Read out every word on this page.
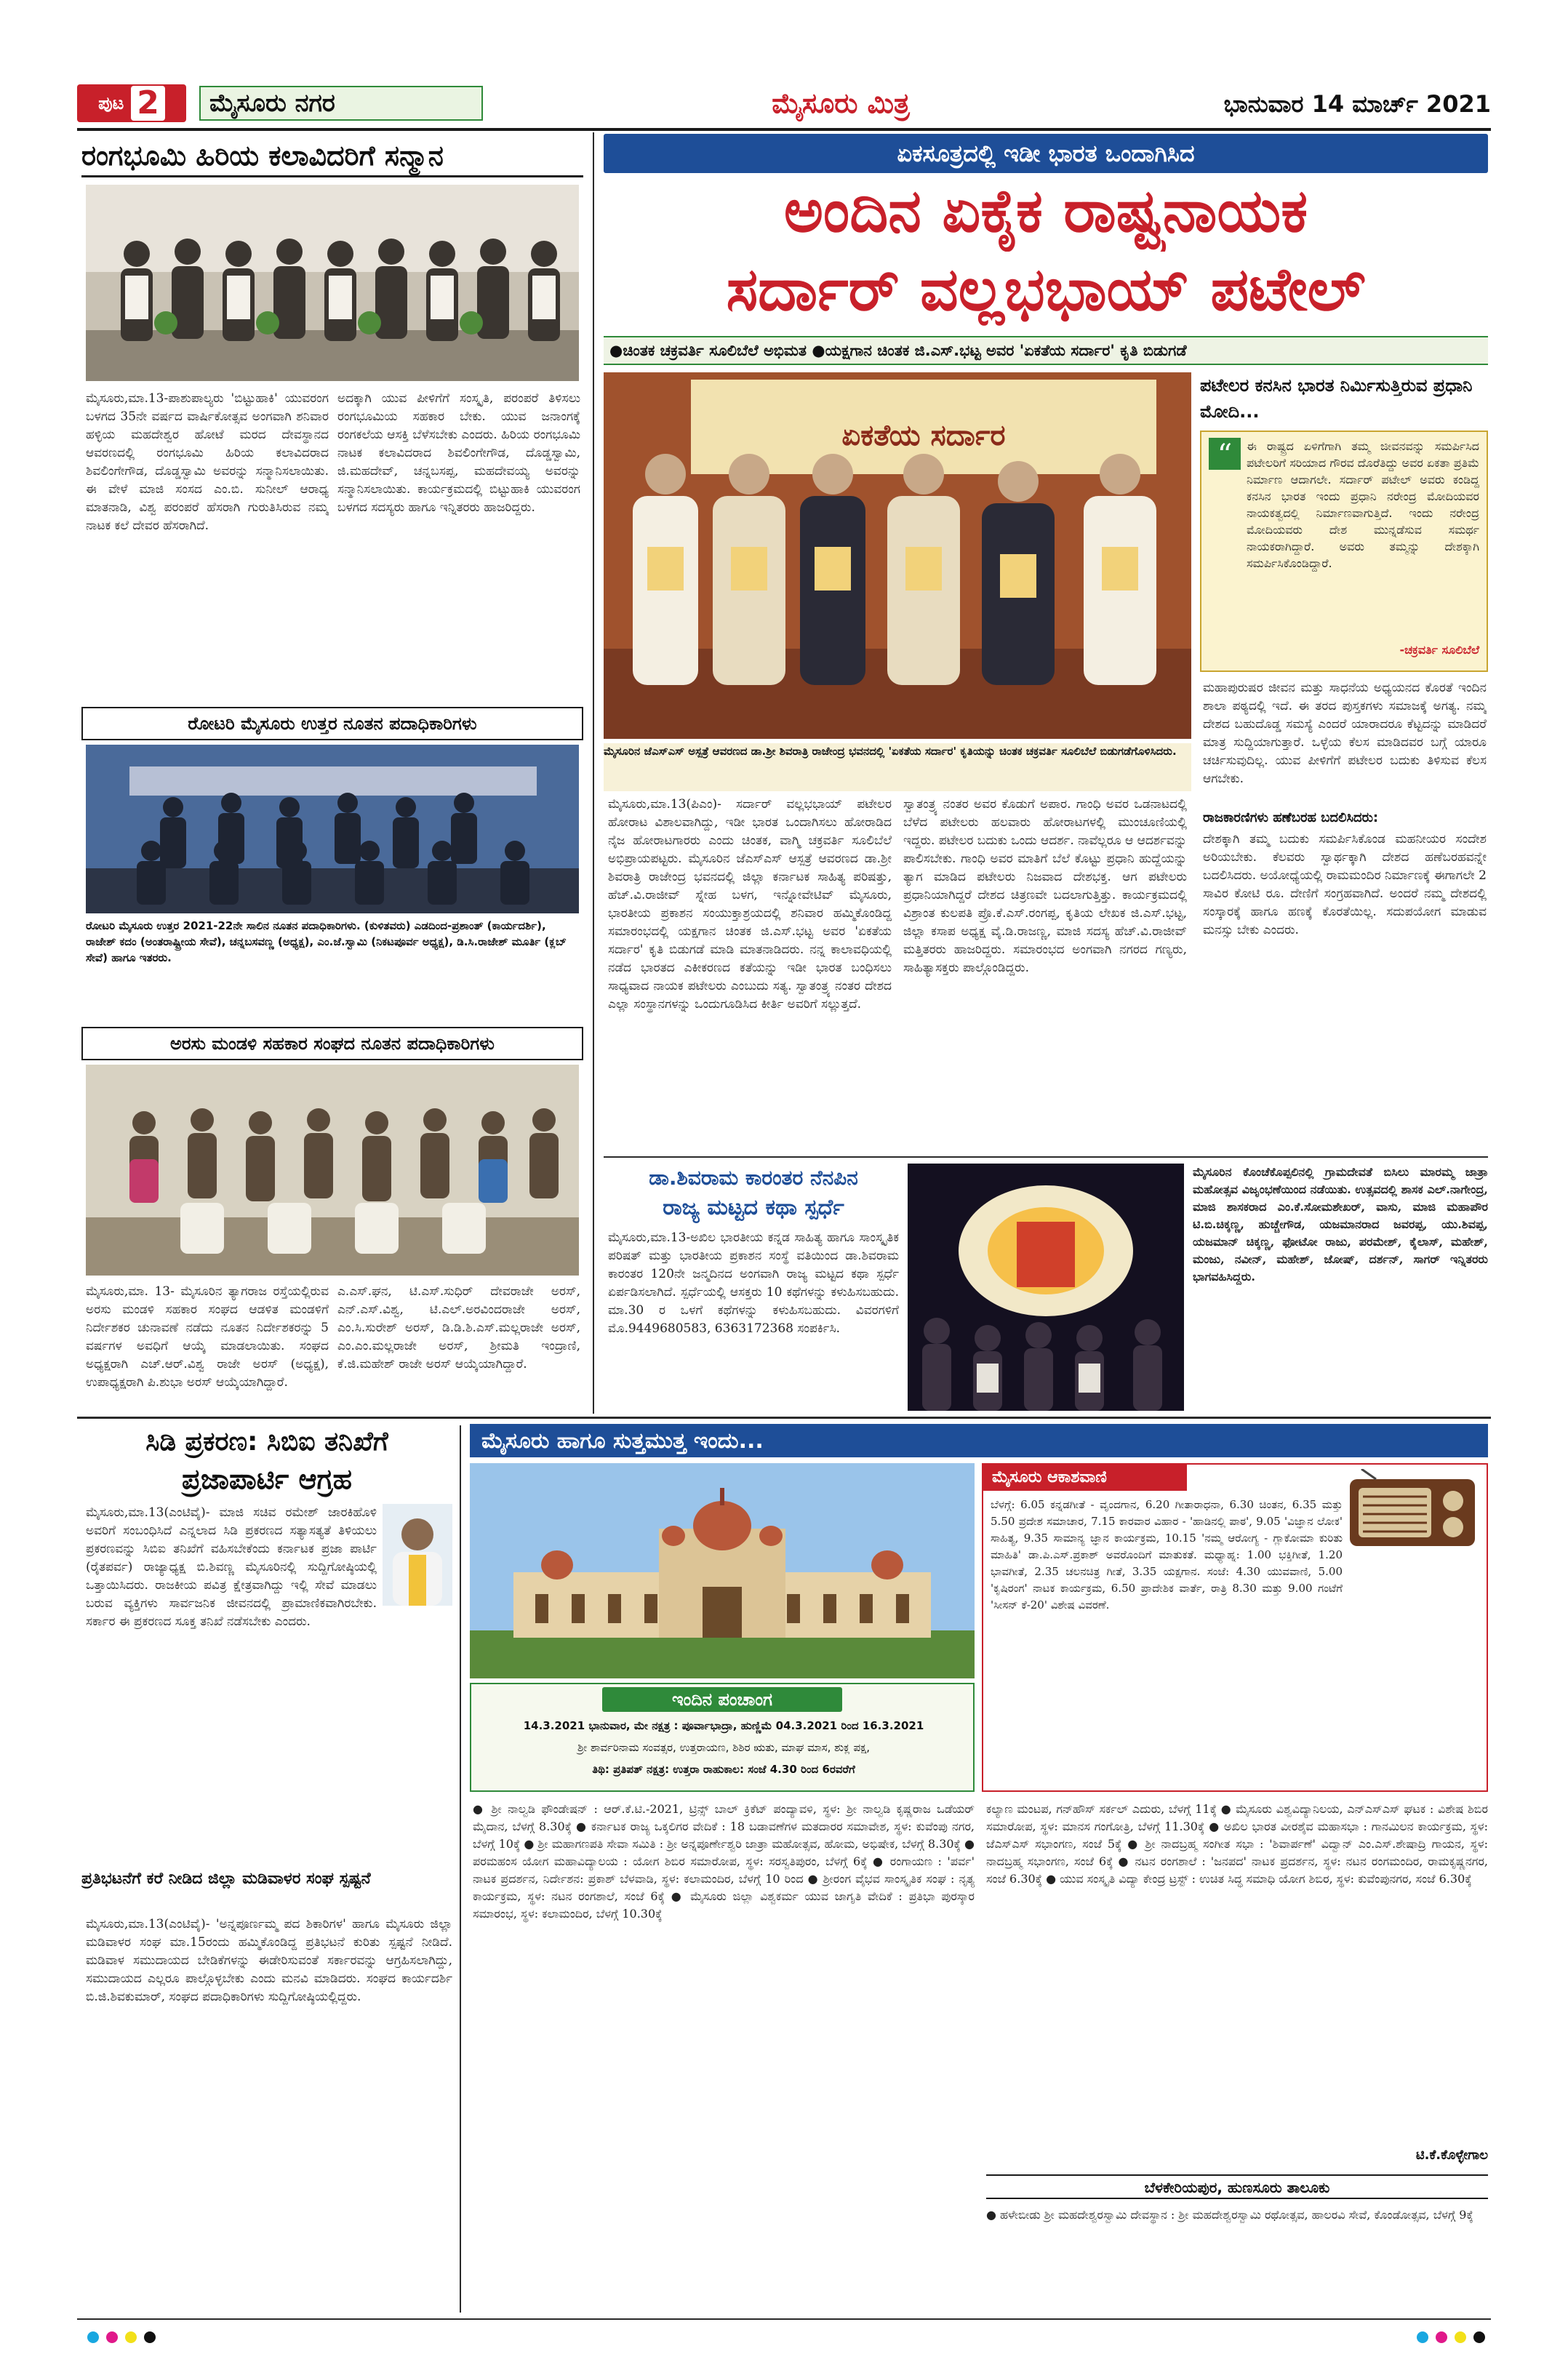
ಪುಟ 2	ಮೈಸೂರು ನಗರ	ಮೈಸೂರು ಮಿತ್ರ	ಭಾನುವಾರ 14 ಮಾರ್ಚ್ 2021
ರಂಗಭೂಮಿ ಹಿರಿಯ ಕಲಾವಿದರಿಗೆ ಸನ್ಮಾನ
ಮೈಸೂರು,ಮಾ.13-ಪಾಶುಪಾಲ್ಯರು 'ಬಿಟ್ಟುಹಾಕಿ' ಯುವರಂಗ ಬಳಗದ 35ನೇ ವರ್ಷದ ವಾರ್ಷಿಕೋತ್ಸವ ಅಂಗವಾಗಿ ಶನಿವಾರ ಹಳ್ಳಿಯ ಮಹದೇಶ್ವರ ಹೋಟೆ ಮರದ ದೇವಸ್ಥಾನದ ಆವರಣದಲ್ಲಿ ರಂಗಭೂಮಿ ಹಿರಿಯ ಕಲಾವಿದರಾದ ಶಿವಲಿಂಗೇಗೌಡ, ದೊಡ್ಡಸ್ವಾಮಿ ಅವರನ್ನು ಸನ್ಮಾನಿಸಲಾಯಿತು. ಈ ವೇಳೆ ಮಾಜಿ ಸಂಸದ ಎಂ.ಬಿ. ಸುನೀಲ್ ಆರಾಧ್ಯ ಮಾತನಾಡಿ, ವಿಶ್ವ ಪರಂಪರೆ ಹೆಸರಾಗಿ ಗುರುತಿಸಿರುವ ನಮ್ಮ ನಾಟಕ ಕಲೆ ದೇವರ ಹೆಸರಾಗಿದೆ.
ಅದಕ್ಕಾಗಿ ಯುವ ಪೀಳಿಗೆಗೆ ಸಂಸ್ಕೃತಿ, ಪರಂಪರೆ ತಿಳಿಸಲು ರಂಗಭೂಮಿಯ ಸಹಕಾರ ಬೇಕು. ಯುವ ಜನಾಂಗಕ್ಕೆ ರಂಗಕಲೆಯ ಆಸಕ್ತಿ ಬೆಳೆಸಬೇಕು ಎಂದರು. ಹಿರಿಯ ರಂಗಭೂಮಿ ನಾಟಕ ಕಲಾವಿದರಾದ ಶಿವಲಿಂಗೇಗೌಡ, ದೊಡ್ಡಸ್ವಾಮಿ, ಜಿ.ಮಹದೇವ್, ಚನ್ನಬಸಪ್ಪ, ಮಹದೇವಯ್ಯ ಅವರನ್ನು ಸನ್ಮಾನಿಸಲಾಯಿತು. ಕಾರ್ಯಕ್ರಮದಲ್ಲಿ ಬಿಟ್ಟುಹಾಕಿ ಯುವರಂಗ ಬಳಗದ ಸದಸ್ಯರು ಹಾಗೂ ಇನ್ನಿತರರು ಹಾಜರಿದ್ದರು.
ರೋಟರಿ ಮೈಸೂರು ಉತ್ತರ ನೂತನ ಪದಾಧಿಕಾರಿಗಳು
ರೋಟರಿ ಮೈಸೂರು ಉತ್ತರ 2021-22ನೇ ಸಾಲಿನ ನೂತನ ಪದಾಧಿಕಾರಿಗಳು. (ಕುಳಿತವರು) ಎಡದಿಂದ-ಪ್ರಶಾಂತ್ (ಕಾರ್ಯದರ್ಶಿ), ರಾಜೇಶ್ ಕದಂ (ಅಂತರಾಷ್ಟ್ರೀಯ ಸೇವೆ), ಚನ್ನಬಸವಣ್ಣ (ಅಧ್ಯಕ್ಷ), ಎಂ.ಜೆ.ಸ್ವಾಮಿ (ನಿಕಟಪೂರ್ವ ಅಧ್ಯಕ್ಷ), ಡಿ.ಸಿ.ರಾಜೇಶ್ ಮೂರ್ತಿ (ಕ್ಲಬ್ ಸೇವೆ) ಹಾಗೂ ಇತರರು.
ಅರಸು ಮಂಡಳಿ ಸಹಕಾರ ಸಂಘದ ನೂತನ ಪದಾಧಿಕಾರಿಗಳು
ಮೈಸೂರು,ಮಾ. 13- ಮೈಸೂರಿನ ತ್ಯಾಗರಾಜ ರಸ್ತೆಯಲ್ಲಿರುವ ಅರಸು ಮಂಡಳಿ ಸಹಕಾರ ಸಂಘದ ಆಡಳಿತ ಮಂಡಳಿಗೆ ನಿರ್ದೇಶಕರ ಚುನಾವಣೆ ನಡೆದು ನೂತನ ನಿರ್ದೇಶಕರನ್ನು 5 ವರ್ಷಗಳ ಅವಧಿಗೆ ಆಯ್ಕೆ ಮಾಡಲಾಯಿತು. ಸಂಘದ ಅಧ್ಯಕ್ಷರಾಗಿ ಎಚ್.ಆರ್.ವಿಶ್ವ ರಾಜೇ ಅರಸ್ (ಅಧ್ಯಕ್ಷ), ಉಪಾಧ್ಯಕ್ಷರಾಗಿ ಪಿ.ಶುಭಾ ಅರಸ್ ಆಯ್ಕೆಯಾಗಿದ್ದಾರೆ.
ಎ.ಎಸ್.ಘನ, ಟಿ.ಎಸ್.ಸುಧಿರ್ ದೇವರಾಜೇ ಅರಸ್, ಎನ್.ಎಸ್.ವಿಶ್ವ, ಟಿ.ಎಲ್.ಅರವಿಂದರಾಜೇ ಅರಸ್, ಎಂ.ಸಿ.ಸುರೇಶ್ ಅರಸ್, ಡಿ.ಡಿ.ಶಿ.ಎಸ್.ಮಲ್ಲರಾಜೇ ಅರಸ್, ಎಂ.ಎಂ.ಮಲ್ಲರಾಜೇ ಅರಸ್, ಶ್ರೀಮತಿ ಇಂದ್ರಾಣಿ, ಕೆ.ಜಿ.ಮಹೇಶ್ ರಾಜೇ ಅರಸ್ ಆಯ್ಕೆಯಾಗಿದ್ದಾರೆ.
ಏಕಸೂತ್ರದಲ್ಲಿ ಇಡೀ ಭಾರತ ಒಂದಾಗಿಸಿದ
ಅಂದಿನ ಏಕೈಕ ರಾಷ್ಟ್ರನಾಯಕ
ಸರ್ದಾರ್ ವಲ್ಲಭಭಾಯ್ ಪಟೇಲ್
●ಚಿಂತಕ ಚಕ್ರವರ್ತಿ ಸೂಲಿಬೆಲೆ ಅಭಿಮತ ●ಯಕ್ಷಗಾನ ಚಿಂತಕ ಜಿ.ಎಸ್.ಭಟ್ಟ ಅವರ 'ಏಕತೆಯ ಸರ್ದಾರ' ಕೃತಿ ಬಿಡುಗಡೆ
ಏಕತೆಯ ಸರ್ದಾರ
ಮೈಸೂರಿನ ಜೆಎಸ್‌ಎಸ್ ಅಸ್ಪತ್ರೆ ಆವರಣದ ಡಾ.ಶ್ರೀ ಶಿವರಾತ್ರಿ ರಾಜೇಂದ್ರ ಭವನದಲ್ಲಿ 'ಏಕತೆಯ ಸರ್ದಾರ' ಕೃತಿಯನ್ನು ಚಿಂತಕ ಚಕ್ರವರ್ತಿ ಸೂಲಿಬೆಲೆ ಬಿಡುಗಡೆಗೊಳಿಸಿದರು.
ಮೈಸೂರು,ಮಾ.13(ಪಿಎಂ)- ಸರ್ದಾರ್ ವಲ್ಲಭಭಾಯ್ ಪಟೇಲರ ಹೋರಾಟ ವಿಶಾಲವಾಗಿದ್ದು, ಇಡೀ ಭಾರತ ಒಂದಾಗಿಸಲು ಹೋರಾಡಿದ ನೈಜ ಹೋರಾಟಗಾರರು ಎಂದು ಚಿಂತಕ, ವಾಗ್ಮಿ ಚಕ್ರವರ್ತಿ ಸೂಲಿಬೆಲೆ ಅಭಿಪ್ರಾಯಪಟ್ಟರು. ಮೈಸೂರಿನ ಜೆಎಸ್‌ಎಸ್ ಆಸ್ಪತ್ರೆ ಆವರಣದ ಡಾ.ಶ್ರೀ ಶಿವರಾತ್ರಿ ರಾಜೇಂದ್ರ ಭವನದಲ್ಲಿ ಜಿಲ್ಲಾ ಕರ್ನಾಟಕ ಸಾಹಿತ್ಯ ಪರಿಷತ್ತು, ಹೆಚ್.ವಿ.ರಾಜೀವ್ ಸ್ನೇಹ ಬಳಗ, ಇನ್ನೋವೇಟಿವ್ ಮೈಸೂರು, ಭಾರತೀಯ ಪ್ರಕಾಶನ ಸಂಯುಕ್ತಾಶ್ರಯದಲ್ಲಿ ಶನಿವಾರ ಹಮ್ಮಿಕೊಂಡಿದ್ದ ಸಮಾರಂಭದಲ್ಲಿ ಯಕ್ಷಗಾನ ಚಿಂತಕ ಜಿ.ಎಸ್.ಭಟ್ಟ ಅವರ 'ಏಕತೆಯ ಸರ್ದಾರ' ಕೃತಿ ಬಿಡುಗಡೆ ಮಾಡಿ ಮಾತನಾಡಿದರು. ನನ್ನ ಕಾಲಾವಧಿಯಲ್ಲಿ ನಡೆದ ಭಾರತದ ಎಕೀಕರಣದ ಕತೆಯನ್ನು ಇಡೀ ಭಾರತ ಬಂಧಿಸಲು ಸಾಧ್ಯವಾದ ನಾಯಕ ಪಟೇಲರು ಎಂಬುದು ಸತ್ಯ. ಸ್ವಾತಂತ್ರ್ಯ ನಂತರ ದೇಶದ ಎಲ್ಲಾ ಸಂಸ್ಥಾನಗಳನ್ನು ಒಂದುಗೂಡಿಸಿದ ಕೀರ್ತಿ ಅವರಿಗೆ ಸಲ್ಲುತ್ತದೆ.
ಸ್ವಾತಂತ್ರ್ಯ ನಂತರ ಅವರ ಕೊಡುಗೆ ಅಪಾರ. ಗಾಂಧಿ ಅವರ ಒಡನಾಟದಲ್ಲಿ ಬೆಳೆದ ಪಟೇಲರು ಹಲವಾರು ಹೋರಾಟಗಳಲ್ಲಿ ಮುಂಚೂಣಿಯಲ್ಲಿ ಇದ್ದರು. ಪಟೇಲರ ಬದುಕು ಒಂದು ಆದರ್ಶ. ನಾವೆಲ್ಲರೂ ಆ ಆದರ್ಶವನ್ನು ಪಾಲಿಸಬೇಕು. ಗಾಂಧಿ ಅವರ ಮಾತಿಗೆ ಬೆಲೆ ಕೊಟ್ಟು ಪ್ರಧಾನಿ ಹುದ್ದೆಯನ್ನು ತ್ಯಾಗ ಮಾಡಿದ ಪಟೇಲರು ನಿಜವಾದ ದೇಶಭಕ್ತ. ಆಗ ಪಟೇಲರು ಪ್ರಧಾನಿಯಾಗಿದ್ದರೆ ದೇಶದ ಚಿತ್ರಣವೇ ಬದಲಾಗುತ್ತಿತ್ತು. ಕಾರ್ಯಕ್ರಮದಲ್ಲಿ ವಿಶ್ರಾಂತ ಕುಲಪತಿ ಪ್ರೊ.ಕೆ.ಎಸ್.ರಂಗಪ್ಪ, ಕೃತಿಯ ಲೇಖಕ ಜಿ.ಎಸ್.ಭಟ್ಟ, ಜಿಲ್ಲಾ ಕಸಾಪ ಅಧ್ಯಕ್ಷ ವೈ.ಡಿ.ರಾಜಣ್ಣ, ಮಾಜಿ ಸದಸ್ಯ ಹೆಚ್.ವಿ.ರಾಜೀವ್ ಮತ್ತಿತರರು ಹಾಜರಿದ್ದರು. ಸಮಾರಂಭದ ಅಂಗವಾಗಿ ನಗರದ ಗಣ್ಯರು, ಸಾಹಿತ್ಯಾಸಕ್ತರು ಪಾಲ್ಗೊಂಡಿದ್ದರು.
ಪಟೇಲರ ಕನಸಿನ ಭಾರತ ನಿರ್ಮಿಸುತ್ತಿರುವ ಪ್ರಧಾನಿ ಮೋದಿ...
“	ಈ ರಾಷ್ಟ್ರದ ಏಳಿಗೆಗಾಗಿ ತಮ್ಮ ಜೀವನವನ್ನು ಸಮರ್ಪಿಸಿದ ಪಟೇಲರಿಗೆ ಸರಿಯಾದ ಗೌರವ ದೊರೆತಿದ್ದು ಅವರ ಏಕತಾ ಪ್ರತಿಮೆ ನಿರ್ಮಾಣ ಆದಾಗಲೇ. ಸರ್ದಾರ್ ಪಟೇಲ್ ಅವರು ಕಂಡಿದ್ದ ಕನಸಿನ ಭಾರತ ಇಂದು ಪ್ರಧಾನಿ ನರೇಂದ್ರ ಮೋದಿಯವರ ನಾಯಕತ್ವದಲ್ಲಿ ನಿರ್ಮಾಣವಾಗುತ್ತಿದೆ. ಇಂದು ನರೇಂದ್ರ ಮೋದಿಯವರು ದೇಶ ಮುನ್ನಡೆಸುವ ಸಮರ್ಥ ನಾಯಕರಾಗಿದ್ದಾರೆ. ಅವರು ತಮ್ಮನ್ನು ದೇಶಕ್ಕಾಗಿ ಸಮರ್ಪಿಸಿಕೊಂಡಿದ್ದಾರೆ.
-ಚಕ್ರವರ್ತಿ ಸೂಲಿಬೆಲೆ
ಮಹಾಪುರುಷರ ಜೀವನ ಮತ್ತು ಸಾಧನೆಯ ಅಧ್ಯಯನದ ಕೊರತೆ ಇಂದಿನ ಶಾಲಾ ಪಠ್ಯದಲ್ಲಿ ಇದೆ. ಈ ತರದ ಪುಸ್ತಕಗಳು ಸಮಾಜಕ್ಕೆ ಅಗತ್ಯ. ನಮ್ಮ ದೇಶದ ಬಹುದೊಡ್ಡ ಸಮಸ್ಯೆ ಎಂದರೆ ಯಾರಾದರೂ ಕೆಟ್ಟದನ್ನು ಮಾಡಿದರೆ ಮಾತ್ರ ಸುದ್ದಿಯಾಗುತ್ತಾರೆ. ಒಳ್ಳೆಯ ಕೆಲಸ ಮಾಡಿದವರ ಬಗ್ಗೆ ಯಾರೂ ಚರ್ಚಿಸುವುದಿಲ್ಲ. ಯುವ ಪೀಳಿಗೆಗೆ ಪಟೇಲರ ಬದುಕು ತಿಳಿಸುವ ಕೆಲಸ ಆಗಬೇಕು.
ರಾಜಕಾರಣಿಗಳು ಹಣೆಬರಹ ಬದಲಿಸಿದರು:
ದೇಶಕ್ಕಾಗಿ ತಮ್ಮ ಬದುಕು ಸಮರ್ಪಿಸಿಕೊಂಡ ಮಹನೀಯರ ಸಂದೇಶ ಅರಿಯಬೇಕು. ಕೆಲವರು ಸ್ವಾರ್ಥಕ್ಕಾಗಿ ದೇಶದ ಹಣೆಬರಹವನ್ನೇ ಬದಲಿಸಿದರು. ಅಯೋಧ್ಯೆಯಲ್ಲಿ ರಾಮಮಂದಿರ ನಿರ್ಮಾಣಕ್ಕೆ ಈಗಾಗಲೇ 2 ಸಾವಿರ ಕೋಟಿ ರೂ. ದೇಣಿಗೆ ಸಂಗ್ರಹವಾಗಿದೆ. ಅಂದರೆ ನಮ್ಮ ದೇಶದಲ್ಲಿ ಸಂಸ್ಕಾರಕ್ಕೆ ಹಾಗೂ ಹಣಕ್ಕೆ ಕೊರತೆಯಿಲ್ಲ. ಸದುಪಯೋಗ ಮಾಡುವ ಮನಸ್ಸು ಬೇಕು ಎಂದರು.
ಡಾ.ಶಿವರಾಮ ಕಾರಂತರ ನೆನಪಿನ
ರಾಜ್ಯ ಮಟ್ಟದ ಕಥಾ ಸ್ಪರ್ಧೆ
ಮೈಸೂರು,ಮಾ.13-ಅಖಿಲ ಭಾರತೀಯ ಕನ್ನಡ ಸಾಹಿತ್ಯ ಹಾಗೂ ಸಾಂಸ್ಕೃತಿಕ ಪರಿಷತ್ ಮತ್ತು ಭಾರತೀಯ ಪ್ರಕಾಶನ ಸಂಸ್ಥೆ ವತಿಯಿಂದ ಡಾ.ಶಿವರಾಮ ಕಾರಂತರ 120ನೇ ಜನ್ಮದಿನದ ಅಂಗವಾಗಿ ರಾಜ್ಯ ಮಟ್ಟದ ಕಥಾ ಸ್ಪರ್ಧೆ ಏರ್ಪಡಿಸಲಾಗಿದೆ. ಸ್ಪರ್ಧೆಯಲ್ಲಿ ಆಸಕ್ತರು 10 ಕಥೆಗಳನ್ನು ಕಳುಹಿಸಬಹುದು. ಮಾ.30 ರ ಒಳಗೆ ಕಥೆಗಳನ್ನು ಕಳುಹಿಸಬಹುದು. ವಿವರಗಳಿಗೆ ಮೊ.9449680583, 6363172368 ಸಂಪರ್ಕಿಸಿ.
ಮೈಸೂರಿನ ಕೊಂಚೆಕೊಪ್ಪಲಿನಲ್ಲಿ ಗ್ರಾಮದೇವತೆ ಬಿಸಿಲು ಮಾರಮ್ಮ ಜಾತ್ರಾ ಮಹೋತ್ಸವ ವಿಜೃಂಭಣೆಯಿಂದ ನಡೆಯಿತು. ಉತ್ಸವದಲ್ಲಿ ಶಾಸಕ ಎಲ್.ನಾಗೇಂದ್ರ, ಮಾಜಿ ಶಾಸಕರಾದ ಎಂ.ಕೆ.ಸೋಮಶೇಖರ್, ವಾಸು, ಮಾಜಿ ಮಹಾಪೌರ ಟಿ.ಬಿ.ಚಿಕ್ಕಣ್ಣ, ಹುಚ್ಚೇಗೌಡ, ಯಜಮಾನರಾದ ಜವರಪ್ಪ, ಯು.ಶಿವಪ್ಪ, ಯಜಮಾನ್ ಚಿಕ್ಕಣ್ಣ, ಫೋಟೋ ರಾಜು, ಪರಮೇಶ್, ಕೈಲಾಸ್, ಮಹೇಶ್, ಮಂಜು, ನವೀನ್, ಮಹೇಶ್, ಜೋಷ್, ದರ್ಶನ್, ಸಾಗರ್ ಇನ್ನಿತರರು ಭಾಗವಹಿಸಿದ್ದರು.
ಸಿಡಿ ಪ್ರಕರಣ: ಸಿಬಿಐ ತನಿಖೆಗೆ
ಪ್ರಜಾಪಾರ್ಟಿ ಆಗ್ರಹ
ಮೈಸೂರು,ಮಾ.13(ಎಂಟಿವೈ)- ಮಾಜಿ ಸಚಿವ ರಮೇಶ್ ಜಾರಕಿಹೊಳಿ ಅವರಿಗೆ ಸಂಬಂಧಿಸಿದೆ ಎನ್ನಲಾದ ಸಿಡಿ ಪ್ರಕರಣದ ಸತ್ಯಾಸತ್ಯತೆ ತಿಳಿಯಲು ಪ್ರಕರಣವನ್ನು ಸಿಬಿಐ ತನಿಖೆಗೆ ವಹಿಸಬೇಕೆಂದು ಕರ್ನಾಟಕ ಪ್ರಜಾ ಪಾರ್ಟಿ (ರೈತಪರ್ವ) ರಾಜ್ಯಾಧ್ಯಕ್ಷ ಬಿ.ಶಿವಣ್ಣ ಮೈಸೂರಿನಲ್ಲಿ ಸುದ್ದಿಗೋಷ್ಠಿಯಲ್ಲಿ ಒತ್ತಾಯಿಸಿದರು. ರಾಜಕೀಯ ಪವಿತ್ರ ಕ್ಷೇತ್ರವಾಗಿದ್ದು ಇಲ್ಲಿ ಸೇವೆ ಮಾಡಲು ಬರುವ ವ್ಯಕ್ತಿಗಳು ಸಾರ್ವಜನಿಕ ಜೀವನದಲ್ಲಿ ಪ್ರಾಮಾಣಿಕವಾಗಿರಬೇಕು. ಸರ್ಕಾರ ಈ ಪ್ರಕರಣದ ಸೂಕ್ತ ತನಿಖೆ ನಡೆಸಬೇಕು ಎಂದರು.
ಪ್ರತಿಭಟನೆಗೆ ಕರೆ ನೀಡಿದ ಜಿಲ್ಲಾ ಮಡಿವಾಳರ ಸಂಘ ಸ್ಪಷ್ಟನೆ
ಮೈಸೂರು,ಮಾ.13(ಎಂಟಿವೈ)- 'ಅನ್ನಪೂರ್ಣಮ್ಮ ಪದ ಶಿಕಾರಿಗಳ' ಹಾಗೂ ಮೈಸೂರು ಜಿಲ್ಲಾ ಮಡಿವಾಳರ ಸಂಘ ಮಾ.15ರಂದು ಹಮ್ಮಿಕೊಂಡಿದ್ದ ಪ್ರತಿಭಟನೆ ಕುರಿತು ಸ್ಪಷ್ಟನೆ ನೀಡಿದೆ. ಮಡಿವಾಳ ಸಮುದಾಯದ ಬೇಡಿಕೆಗಳನ್ನು ಈಡೇರಿಸುವಂತೆ ಸರ್ಕಾರವನ್ನು ಆಗ್ರಹಿಸಲಾಗಿದ್ದು, ಸಮುದಾಯದ ಎಲ್ಲರೂ ಪಾಲ್ಗೊಳ್ಳಬೇಕು ಎಂದು ಮನವಿ ಮಾಡಿದರು. ಸಂಘದ ಕಾರ್ಯದರ್ಶಿ ಬಿ.ಜಿ.ಶಿವಕುಮಾರ್, ಸಂಘದ ಪದಾಧಿಕಾರಿಗಳು ಸುದ್ದಿಗೋಷ್ಠಿಯಲ್ಲಿದ್ದರು.
ಮೈಸೂರು ಹಾಗೂ ಸುತ್ತಮುತ್ತ ಇಂದು...
ಇಂದಿನ ಪಂಚಾಂಗ
14.3.2021 ಭಾನುವಾರ, ಮೇ ನಕ್ಷತ್ರ : ಪೂರ್ವಾಭಾದ್ರಾ, ಹುಣ್ಣಿಮೆ 04.3.2021 ರಿಂದ 16.3.2021
ಶ್ರೀ ಶಾರ್ವರಿನಾಮ ಸಂವತ್ಸರ, ಉತ್ತರಾಯಣ, ಶಿಶಿರ ಋತು, ಮಾಘ ಮಾಸ, ಶುಕ್ಲ ಪಕ್ಷ,
ತಿಥಿ: ಪ್ರತಿಪತ್ ನಕ್ಷತ್ರ: ಉತ್ತರಾ ರಾಹುಕಾಲ: ಸಂಜೆ 4.30 ರಿಂದ 6ರವರೆಗೆ
ಮೈಸೂರು ಆಕಾಶವಾಣಿ
ಬೆಳಗ್ಗೆ: 6.05 ಕನ್ನಡಗೀತೆ - ವೃಂದಗಾನ, 6.20 ಗೀತಾರಾಧನಾ, 6.30 ಚಿಂತನ, 6.35 ಮತ್ತು 5.50 ಪ್ರದೇಶ ಸಮಾಚಾರ, 7.15 ಕಾರವಾರ ವಿಹಾರ - 'ಹಾಡಿನಲ್ಲಿ ಪಾಠ', 9.05 'ವಿಜ್ಞಾನ ಲೋಕ' ಸಾಹಿತ್ಯ, 9.35 ಸಾಮಾನ್ಯ ಜ್ಞಾನ ಕಾರ್ಯಕ್ರಮ, 10.15 'ನಮ್ಮ ಆರೋಗ್ಯ - ಗ್ಲಾಕೋಮಾ ಕುರಿತು ಮಾಹಿತಿ' ಡಾ.ಪಿ.ಎಸ್.ಪ್ರಕಾಶ್ ಅವರೊಂದಿಗೆ ಮಾತುಕತೆ. ಮಧ್ಯಾಹ್ನ: 1.00 ಭಕ್ತಿಗೀತೆ, 1.20 ಭಾವಗೀತೆ, 2.35 ಚಲನಚಿತ್ರ ಗೀತೆ, 3.35 ಯಕ್ಷಗಾನ. ಸಂಜೆ: 4.30 ಯುವವಾಣಿ, 5.00 'ಕೃಷಿರಂಗ' ನಾಟಕ ಕಾರ್ಯಕ್ರಮ, 6.50 ಪ್ರಾದೇಶಿಕ ವಾರ್ತೆ, ರಾತ್ರಿ 8.30 ಮತ್ತು 9.00 ಗಂಟೆಗೆ 'ಸೀಸನ್ ಕೆ-20' ವಿಶೇಷ ವಿವರಣೆ.
● ಶ್ರೀ ನಾಲ್ವಡಿ ಫೌಂಡೇಷನ್ : ಆರ್.ಕೆ.ಟಿ.-2021, ಟ್ರಿನ್ಸ್ ಬಾಲ್ ಕ್ರಿಕೆಟ್ ಪಂದ್ಯಾವಳಿ, ಸ್ಥಳ: ಶ್ರೀ ನಾಲ್ವಡಿ ಕೃಷ್ಣರಾಜ ಒಡೆಯರ್ ಮೈದಾನ, ಬೆಳಗ್ಗೆ 8.30ಕ್ಕೆ ● ಕರ್ನಾಟಕ ರಾಜ್ಯ ಒಕ್ಕಲಿಗರ ವೇದಿಕೆ : 18 ಬಡಾವಣೆಗಳ ಮತದಾರರ ಸಮಾವೇಶ, ಸ್ಥಳ: ಕುವೆಂಪು ನಗರ, ಬೆಳಗ್ಗೆ 10ಕ್ಕೆ ● ಶ್ರೀ ಮಹಾಗಣಪತಿ ಸೇವಾ ಸಮಿತಿ : ಶ್ರೀ ಅನ್ನಪೂರ್ಣೇಶ್ವರಿ ಜಾತ್ರಾ ಮಹೋತ್ಸವ, ಹೋಮ, ಅಭಿಷೇಕ, ಬೆಳಗ್ಗೆ 8.30ಕ್ಕೆ ● ಪರಮಹಂಸ ಯೋಗ ಮಹಾವಿದ್ಯಾಲಯ : ಯೋಗ ಶಿಬಿರ ಸಮಾರೋಪ, ಸ್ಥಳ: ಸರಸ್ವತಿಪುರಂ, ಬೆಳಗ್ಗೆ 6ಕ್ಕೆ ● ರಂಗಾಯಣ : 'ಪರ್ವ' ನಾಟಕ ಪ್ರದರ್ಶನ, ನಿರ್ದೇಶನ: ಪ್ರಕಾಶ್ ಬೆಳವಾಡಿ, ಸ್ಥಳ: ಕಲಾಮಂದಿರ, ಬೆಳಗ್ಗೆ 10 ರಿಂದ ● ಶ್ರೀರಂಗ ವೈಭವ ಸಾಂಸ್ಕೃತಿಕ ಸಂಘ : ನೃತ್ಯ ಕಾರ್ಯಕ್ರಮ, ಸ್ಥಳ: ನಟನ ರಂಗಶಾಲೆ, ಸಂಜೆ 6ಕ್ಕೆ ● ಮೈಸೂರು ಜಿಲ್ಲಾ ವಿಶ್ವಕರ್ಮ ಯುವ ಜಾಗೃತಿ ವೇದಿಕೆ : ಪ್ರತಿಭಾ ಪುರಸ್ಕಾರ ಸಮಾರಂಭ, ಸ್ಥಳ: ಕಲಾಮಂದಿರ, ಬೆಳಗ್ಗೆ 10.30ಕ್ಕೆ
ಕಲ್ಯಾಣ ಮಂಟಪ, ಗನ್‌ಹೌಸ್ ಸರ್ಕಲ್ ಎದುರು, ಬೆಳಗ್ಗೆ 11ಕ್ಕೆ ● ಮೈಸೂರು ವಿಶ್ವವಿದ್ಯಾನಿಲಯ, ಎನ್‌ಎಸ್‌ಎಸ್ ಘಟಕ : ವಿಶೇಷ ಶಿಬಿರ ಸಮಾರೋಪ, ಸ್ಥಳ: ಮಾನಸ ಗಂಗೋತ್ರಿ, ಬೆಳಗ್ಗೆ 11.30ಕ್ಕೆ ● ಅಖಿಲ ಭಾರತ ವೀರಶೈವ ಮಹಾಸಭಾ : ಗಾನಮಿಲನ ಕಾರ್ಯಕ್ರಮ, ಸ್ಥಳ: ಜೆಎಸ್‌ಎಸ್ ಸಭಾಂಗಣ, ಸಂಜೆ 5ಕ್ಕೆ ● ಶ್ರೀ ನಾದಬ್ರಹ್ಮ ಸಂಗೀತ ಸಭಾ : 'ಶಿವಾರ್ಪಣೆ' ವಿದ್ವಾನ್ ಎಂ.ಎಸ್.ಶೇಷಾದ್ರಿ ಗಾಯನ, ಸ್ಥಳ: ನಾದಬ್ರಹ್ಮ ಸಭಾಂಗಣ, ಸಂಜೆ 6ಕ್ಕೆ ● ನಟನ ರಂಗಶಾಲೆ : 'ಜನಪದ' ನಾಟಕ ಪ್ರದರ್ಶನ, ಸ್ಥಳ: ನಟನ ರಂಗಮಂದಿರ, ರಾಮಕೃಷ್ಣನಗರ, ಸಂಜೆ 6.30ಕ್ಕೆ ● ಯುವ ಸಂಸ್ಕೃತಿ ವಿದ್ಯಾ ಕೇಂದ್ರ ಟ್ರಸ್ಟ್ : ಉಚಿತ ಸಿದ್ಧ ಸಮಾಧಿ ಯೋಗ ಶಿಬಿರ, ಸ್ಥಳ: ಕುವೆಂಪುನಗರ, ಸಂಜೆ 6.30ಕ್ಕೆ
ಟಿ.ಕೆ.ಕೊಳ್ಳೇಗಾಲ
ಬೆಳಕೇರಿಯಪುರ, ಹುಣಸೂರು ತಾಲೂಕು
● ಹಳೇಬೀಡು ಶ್ರೀ ಮಹದೇಶ್ವರಸ್ವಾಮಿ ದೇವಸ್ಥಾನ : ಶ್ರೀ ಮಹದೇಶ್ವರಸ್ವಾಮಿ ರಥೋತ್ಸವ, ಹಾಲರವಿ ಸೇವೆ, ಕೊಂಡೋತ್ಸವ, ಬೆಳಗ್ಗೆ 9ಕ್ಕೆ
